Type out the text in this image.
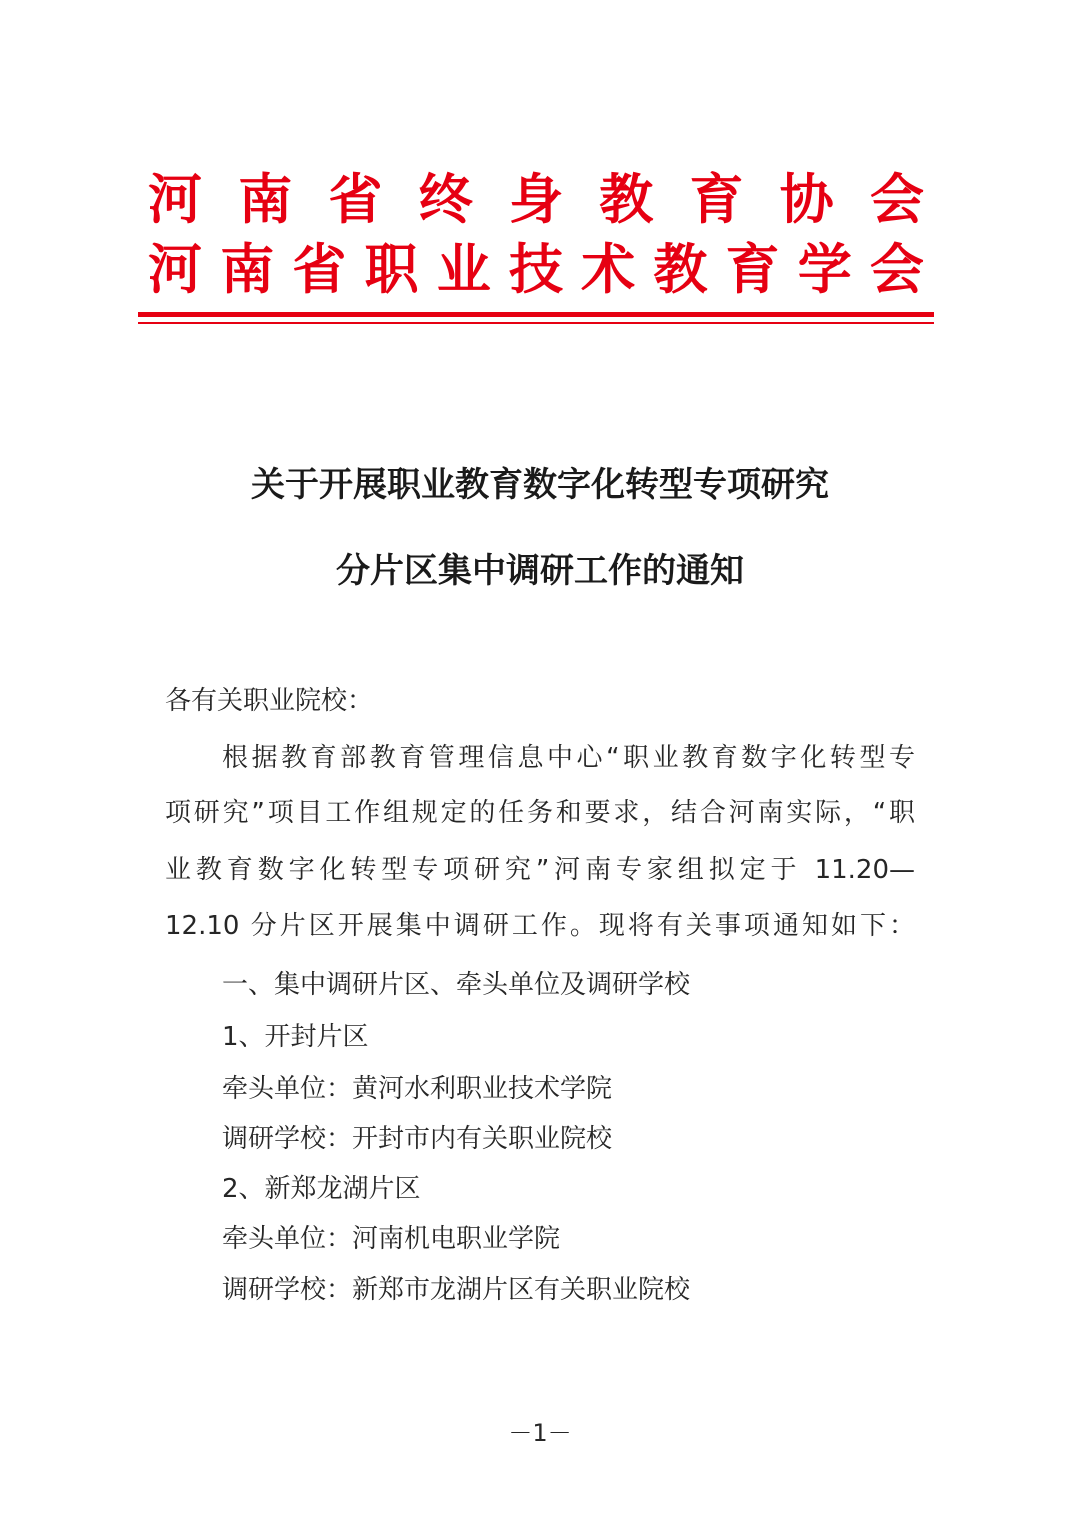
河 南 省 终 身 教 育 协 会
河 南 省 职 业 技 术 教 育 学 会
关于开展职业教育数字化转型专项研究
分片区集中调研工作的通知
各有关职业院校：
根据教育部教育管理信息中心“职业教育数字化转型专
项研究”项目工作组规定的任务和要求，结合河南实际，“职
业教育数字化转型专项研究”河南专家组拟定于 11.20—
12.10 分片区开展集中调研工作。现将有关事项通知如下：
一、集中调研片区、牵头单位及调研学校
1、开封片区
牵头单位：黄河水利职业技术学院
调研学校：开封市内有关职业院校
2、新郑龙湖片区
牵头单位：河南机电职业学院
调研学校：新郑市龙湖片区有关职业院校
－1－
